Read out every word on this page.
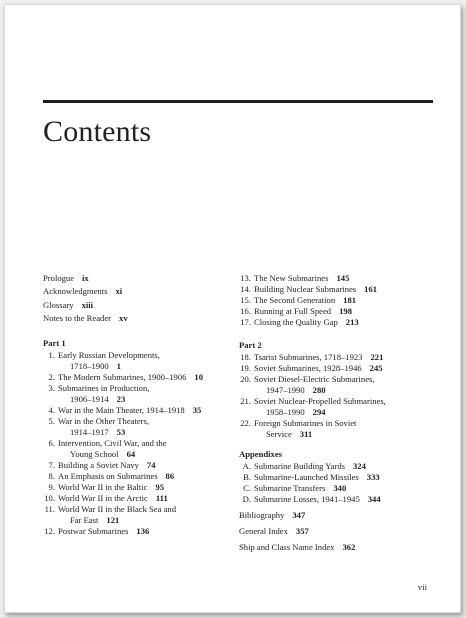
Contents
Prologue ix
Acknowledgments xi
Glossary xiii
Notes to the Reader xv
Part 1
1. Early Russian Developments,
1718–1900 1
2. The Modern Submarines, 1900–1906 10
3. Submarines in Production,
1906–1914 23
4. War in the Main Theater, 1914–1918 35
5. War in the Other Theaters,
1914–1917 53
6. Intervention, Civil War, and the
Young School 64
7. Building a Soviet Navy 74
8. An Emphasis on Submarines 86
9. World War II in the Baltic 95
10. World War II in the Arctic 111
11. World War II in the Black Sea and
Far East 121
12. Postwar Submarines 136
13. The New Submarines 145
14. Building Nuclear Submarines 161
15. The Second Generation 181
16. Running at Full Speed 198
17. Closing the Quality Gap 213
Part 2
18. Tsarist Submarines, 1718–1923 221
19. Soviet Submarines, 1928–1946 245
20. Soviet Diesel-Electric Submarines,
1947–1990 280
21. Soviet Nuclear-Propelled Submarines,
1958–1990 294
22. Foreign Submarines in Soviet
Service 311
Appendixes
A. Submarine Building Yards 324
B. Submarine-Launched Missiles 333
C. Submarine Transfers 340
D. Submarine Losses, 1941–1945 344
Bibliography 347
General Index 357
Ship and Class Name Index 362
vii
